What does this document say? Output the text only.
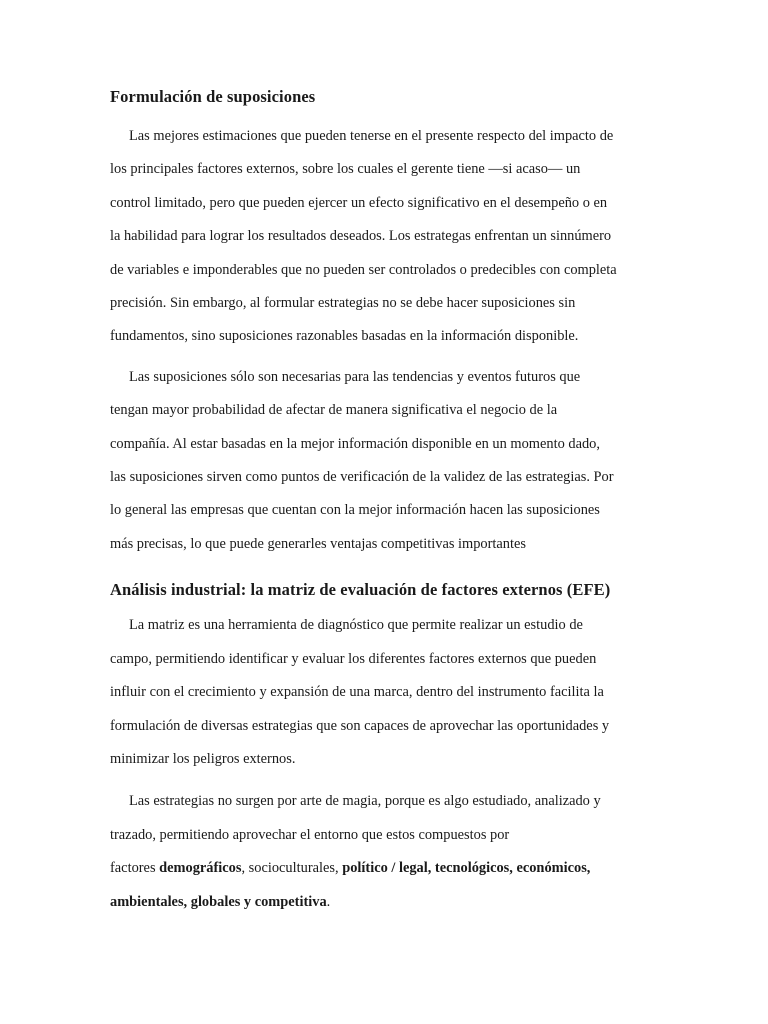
Formulación de suposiciones

Las mejores estimaciones que pueden tenerse en el presente respecto del impacto de
los principales factores externos, sobre los cuales el gerente tiene —si acaso— un
control limitado, pero que pueden ejercer un efecto significativo en el desempeño o en
la habilidad para lograr los resultados deseados. Los estrategas enfrentan un sinnúmero
de variables e imponderables que no pueden ser controlados o predecibles con completa
precisión. Sin embargo, al formular estrategias no se debe hacer suposiciones sin
fundamentos, sino suposiciones razonables basadas en la información disponible.

Las suposiciones sólo son necesarias para las tendencias y eventos futuros que
tengan mayor probabilidad de afectar de manera significativa el negocio de la
compañía. Al estar basadas en la mejor información disponible en un momento dado,
las suposiciones sirven como puntos de verificación de la validez de las estrategias. Por
lo general las empresas que cuentan con la mejor información hacen las suposiciones
más precisas, lo que puede generarles ventajas competitivas importantes

Análisis industrial: la matriz de evaluación de factores externos (EFE)

La matriz es una herramienta de diagnóstico que permite realizar un estudio de
campo, permitiendo identificar y evaluar los diferentes factores externos que pueden
influir con el crecimiento y expansión de una marca, dentro del instrumento facilita la
formulación de diversas estrategias que son capaces de aprovechar las oportunidades y
minimizar los peligros externos.

Las estrategias no surgen por arte de magia, porque es algo estudiado, analizado y
trazado, permitiendo aprovechar el entorno que estos compuestos por
factores demográficos, socioculturales, político / legal, tecnológicos, económicos,
ambientales, globales y competitiva.
